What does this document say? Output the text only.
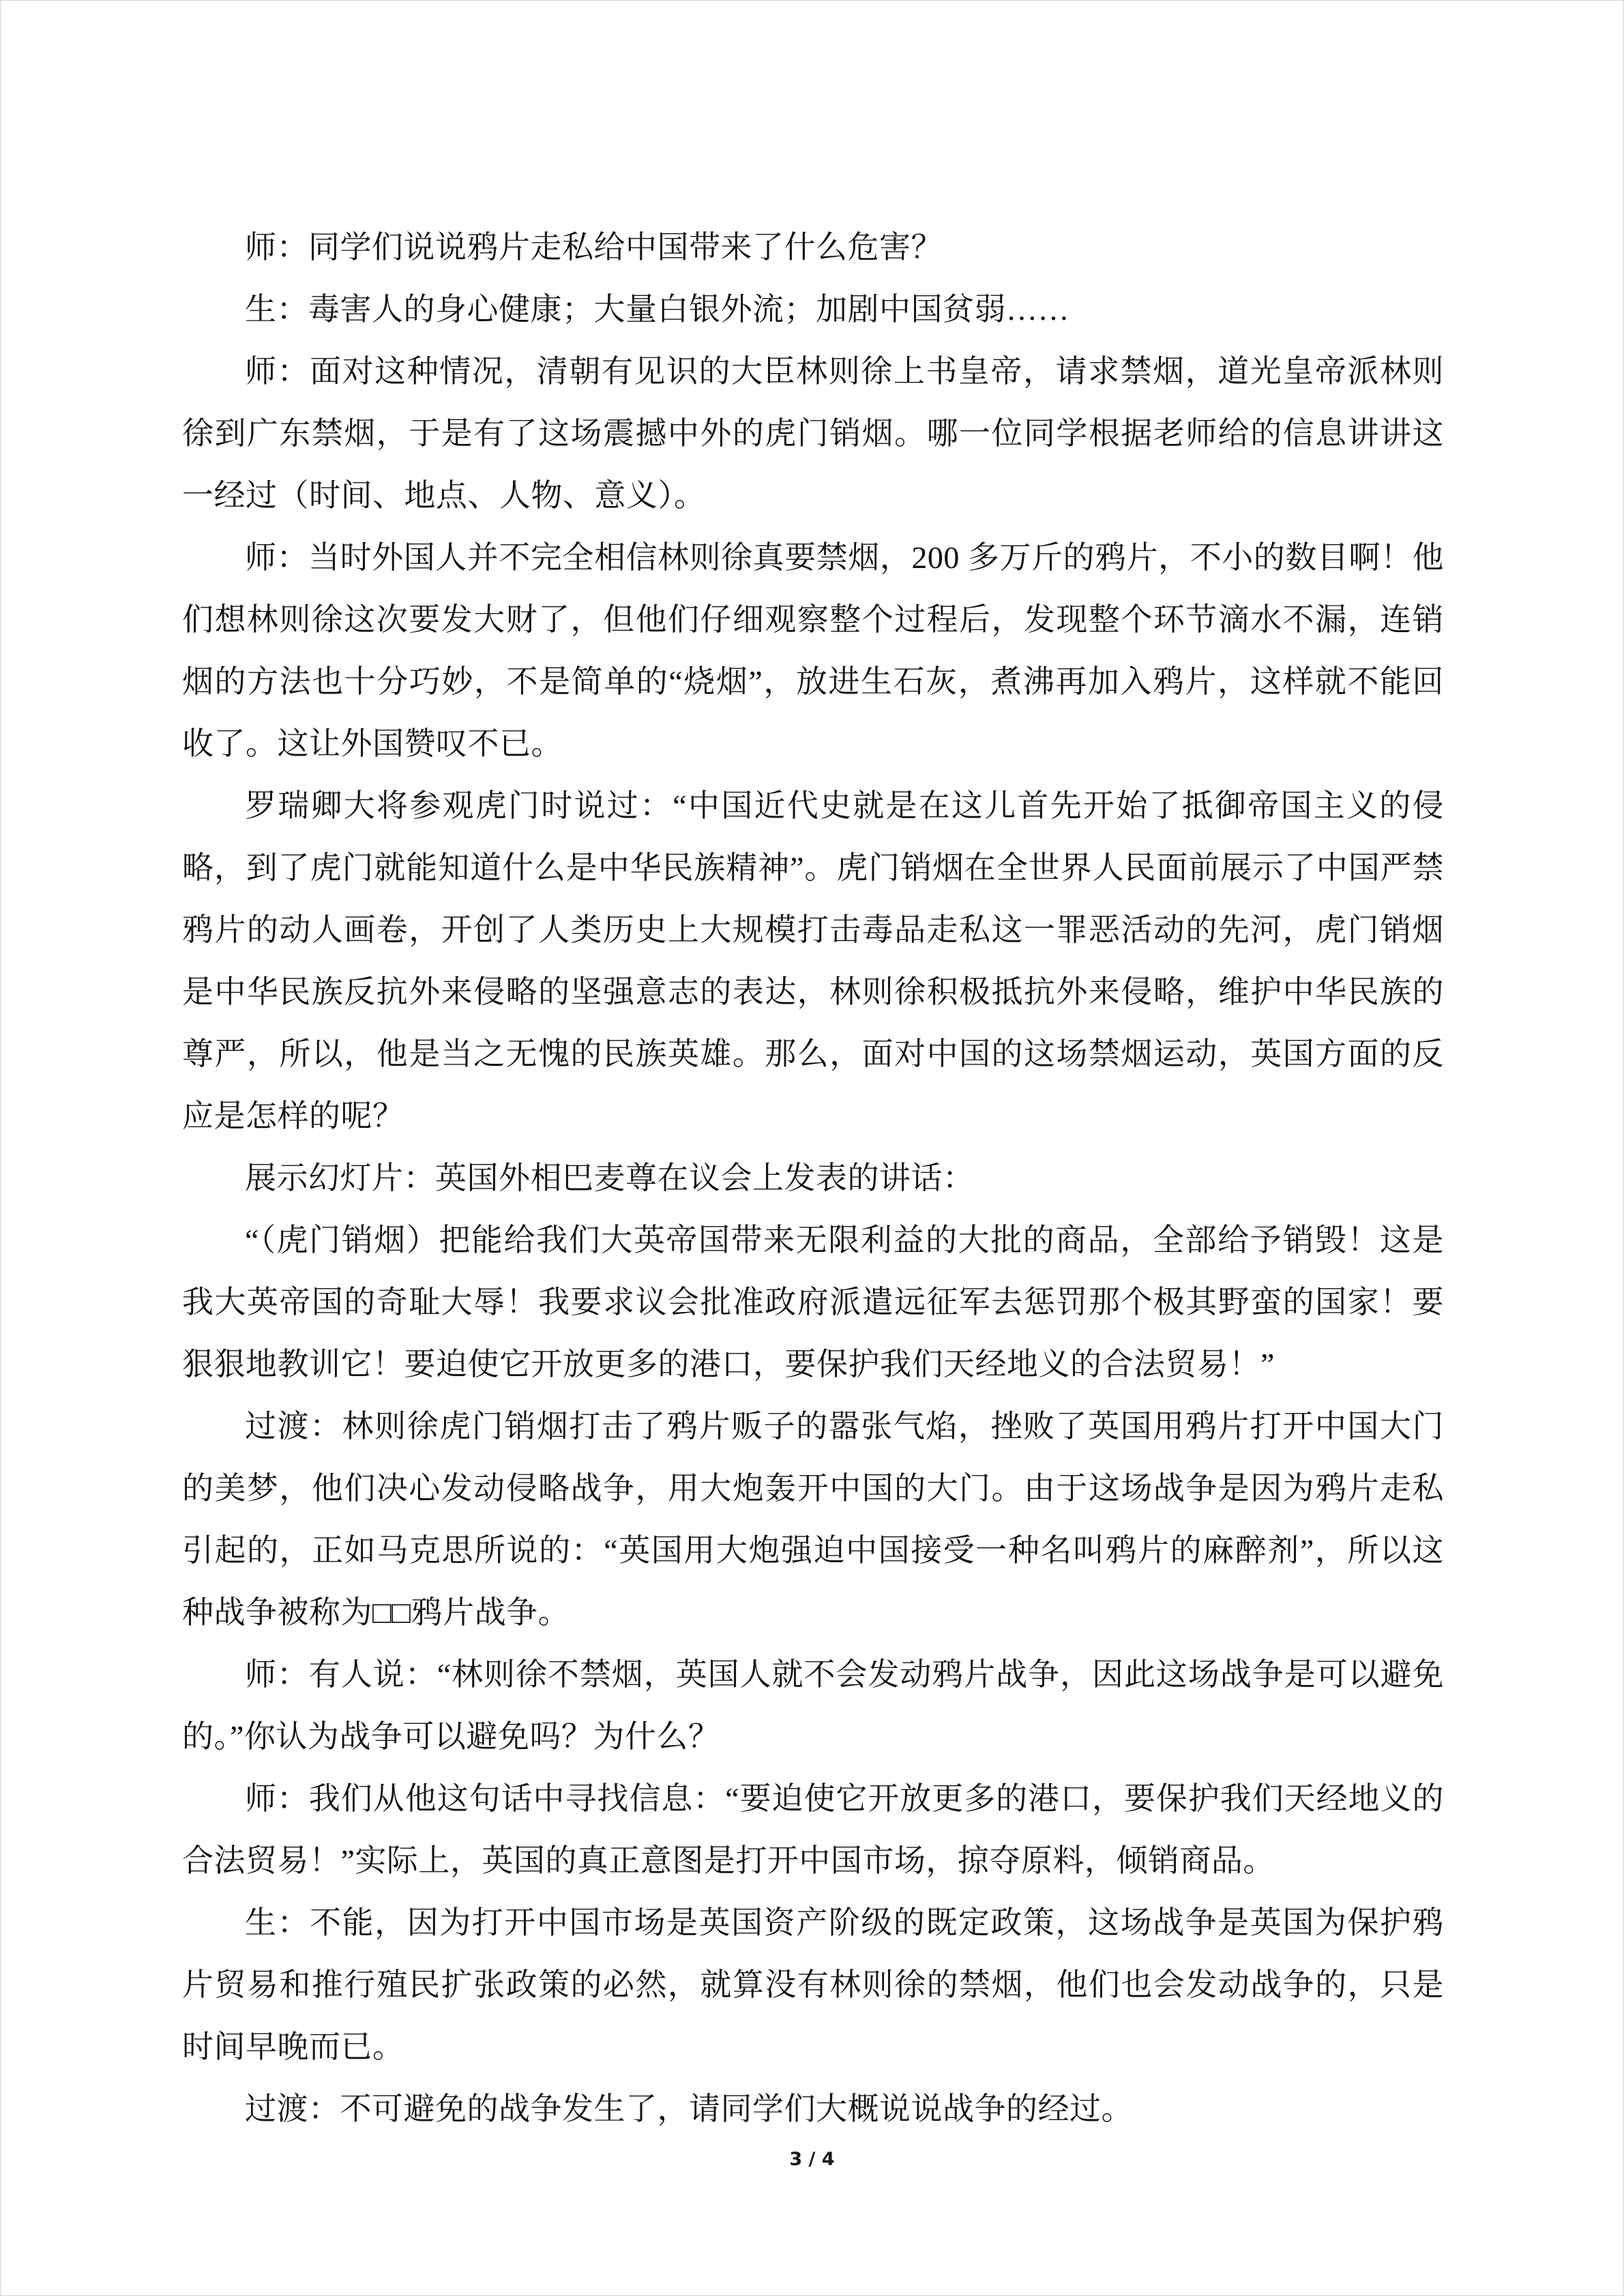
师：同学们说说鸦片走私给中国带来了什么危害？

生：毒害人的身心健康；大量白银外流；加剧中国贫弱……

师：面对这种情况，清朝有见识的大臣林则徐上书皇帝，请求禁烟，道光皇帝派林则徐到广东禁烟，于是有了这场震撼中外的虎门销烟。哪一位同学根据老师给的信息讲讲这一经过（时间、地点、人物、意义）。

师：当时外国人并不完全相信林则徐真要禁烟，200 多万斤的鸦片，不小的数目啊！他们想林则徐这次要发大财了，但他们仔细观察整个过程后，发现整个环节滴水不漏，连销烟的方法也十分巧妙，不是简单的“烧烟”，放进生石灰，煮沸再加入鸦片，这样就不能回收了。这让外国赞叹不已。

罗瑞卿大将参观虎门时说过：“中国近代史就是在这儿首先开始了抵御帝国主义的侵略，到了虎门就能知道什么是中华民族精神”。虎门销烟在全世界人民面前展示了中国严禁鸦片的动人画卷，开创了人类历史上大规模打击毒品走私这一罪恶活动的先河，虎门销烟是中华民族反抗外来侵略的坚强意志的表达，林则徐积极抵抗外来侵略，维护中华民族的尊严，所以，他是当之无愧的民族英雄。那么，面对中国的这场禁烟运动，英国方面的反应是怎样的呢？

展示幻灯片：英国外相巴麦尊在议会上发表的讲话：

“（虎门销烟）把能给我们大英帝国带来无限利益的大批的商品，全部给予销毁！这是我大英帝国的奇耻大辱！我要求议会批准政府派遣远征军去惩罚那个极其野蛮的国家！要狠狠地教训它！要迫使它开放更多的港口，要保护我们天经地义的合法贸易！”

过渡：林则徐虎门销烟打击了鸦片贩子的嚣张气焰，挫败了英国用鸦片打开中国大门的美梦，他们决心发动侵略战争，用大炮轰开中国的大门。由于这场战争是因为鸦片走私引起的，正如马克思所说的：“英国用大炮强迫中国接受一种名叫鸦片的麻醉剂”，所以这种战争被称为□□鸦片战争。

师：有人说：“林则徐不禁烟，英国人就不会发动鸦片战争，因此这场战争是可以避免的。”你认为战争可以避免吗？为什么？

师：我们从他这句话中寻找信息：“要迫使它开放更多的港口，要保护我们天经地义的合法贸易！”实际上，英国的真正意图是打开中国市场，掠夺原料，倾销商品。

生：不能，因为打开中国市场是英国资产阶级的既定政策，这场战争是英国为保护鸦片贸易和推行殖民扩张政策的必然，就算没有林则徐的禁烟，他们也会发动战争的，只是时间早晚而已。

过渡：不可避免的战争发生了，请同学们大概说说战争的经过。

3 / 4
